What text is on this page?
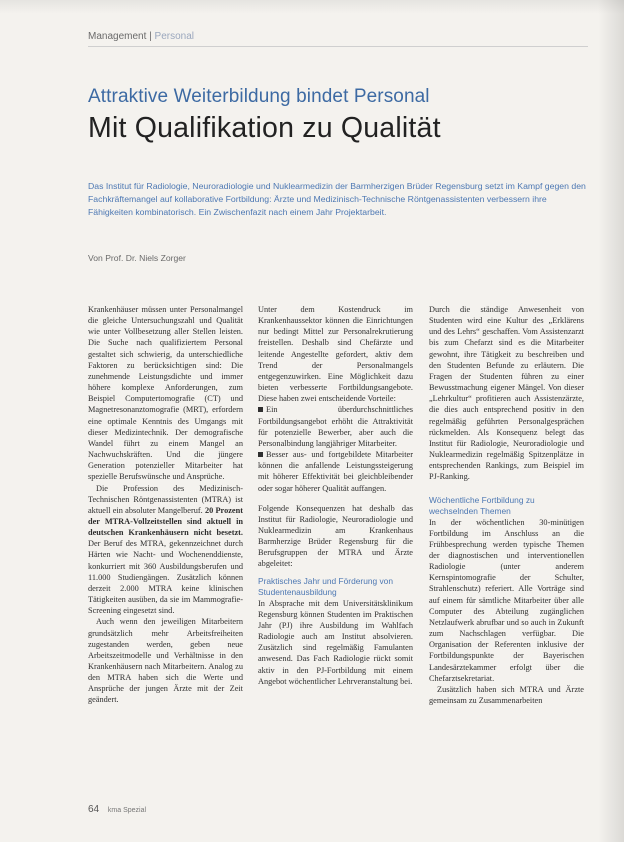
Management | Personal
Attraktive Weiterbildung bindet Personal
Mit Qualifikation zu Qualität
Das Institut für Radiologie, Neuroradiologie und Nuklearmedizin der Barmherzigen Brüder Regensburg setzt im Kampf gegen den Fachkräftemangel auf kollaborative Fortbildung: Ärzte und Medizinisch-Technische Röntgenassistenten verbessern ihre Fähigkeiten kombinatorisch. Ein Zwischenfazit nach einem Jahr Projektarbeit.
Von Prof. Dr. Niels Zorger

Krankenhäuser müssen unter Personalmangel die gleiche Untersuchungszahl und Qualität wie unter Vollbesetzung aller Stellen leisten. Die Suche nach qualifiziertem Personal gestaltet sich schwierig, da unterschiedliche Faktoren zu berücksichtigen sind: Die zunehmende Leistungsdichte und immer höhere komplexe Anforderungen, zum Beispiel Computertomografie (CT) und Magnetresonanztomografie (MRT), erfordern eine optimale Kenntnis des Umgangs mit dieser Medizintechnik. Der demografische Wandel führt zu einem Mangel an Nachwuchskräften. Und die jüngere Generation potenzieller Mitarbeiter hat spezielle Berufswünsche und Ansprüche.

Die Profession des Medizinisch-Technischen Röntgenassistenten (MTRA) ist aktuell ein absoluter Mangelberuf. 20 Prozent der MTRA-Vollzeitstellen sind aktuell in deutschen Krankenhäusern nicht besetzt. Der Beruf des MTRA, gekennzeichnet durch Härten wie Nacht- und Wochenenddienste, konkurriert mit 360 Ausbildungsberufen und 11.000 Studiengängen. Zusätzlich können derzeit 2.000 MTRA keine klinischen Tätigkeiten ausüben, da sie im Mammografie-Screening eingesetzt sind.

Auch wenn den jeweiligen Mitarbeitern grundsätzlich mehr Arbeitsfreiheiten zugestanden werden, geben neue Arbeitszeitmodelle und Verhältnisse in den Krankenhäusern nach Mitarbeitern. Analog zu den MTRA haben sich die Werte und Ansprüche der jungen Ärzte mit der Zeit geändert.

Unter dem Kostendruck im Krankenhaussektor können die Einrichtungen nur bedingt Mittel zur Personalrekrutierung freistellen. Deshalb sind Chefärzte und leitende Angestellte gefordert, aktiv dem Trend der Personalmangels entgegenzuwirken. Eine Möglichkeit dazu bieten verbesserte Fortbildungsangebote. Diese haben zwei entscheidende Vorteile:

Ein überdurchschnittliches Fortbildungsangebot erhöht die Attraktivität für potenzielle Bewerber, aber auch die Personalbindung langjähriger Mitarbeiter.

Besser aus- und fortgebildete Mitarbeiter können die anfallende Leistungssteigerung mit höherer Effektivität bei gleichbleibender oder sogar höherer Qualität auffangen.

Folgende Konsequenzen hat deshalb das Institut für Radiologie, Neuroradiologie und Nuklearmedizin am Krankenhaus Barmherzige Brüder Regensburg für die Berufsgruppen der MTRA und Ärzte abgeleitet:

Praktisches Jahr und Förderung von Studentenausbildung

In Absprache mit dem Universitätsklinikum Regensburg können Studenten im Praktischen Jahr (PJ) ihre Ausbildung im Wahlfach Radiologie auch am Institut absolvieren. Zusätzlich sind regelmäßig Famulanten anwesend. Das Fach Radiologie rückt somit aktiv in den PJ-Fortbildung mit einem Angebot wöchentlicher Lehrveranstaltung bei.

Durch die ständige Anwesenheit von Studenten wird eine Kultur des „Erklärens und des Lehrs“ geschaffen. Vom Assistenzarzt bis zum Chefarzt sind es die Mitarbeiter gewohnt, ihre Tätigkeit zu beschreiben und den Studenten Befunde zu erläutern. Die Fragen der Studenten führen zu einer Bewusstmachung eigener Mängel. Von dieser „Lehrkultur“ profitieren auch Assistenzärzte, die dies auch entsprechend positiv in den regelmäßig geführten Personalgesprächen rückmelden. Als Konsequenz belegt das Institut für Radiologie, Neuroradiologie und Nuklearmedizin regelmäßig Spitzenplätze in entsprechenden Rankings, zum Beispiel im PJ-Ranking.

Wöchentliche Fortbildung zu wechselnden Themen

In der wöchentlichen 30-minütigen Fortbildung im Anschluss an die Frühbesprechung werden typische Themen der diagnostischen und interventionellen Radiologie (unter anderem Kernspintomografie der Schulter, Strahlenschutz) referiert. Alle Vorträge sind auf einem für sämtliche Mitarbeiter über alle Computer des Abteilung zugänglichen Netzlaufwerk abrufbar und so auch in Zukunft zum Nachschlagen verfügbar. Die Organisation der Referenten inklusive der Fortbildungspunkte der Bayerischen Landesärztekammer erfolgt über die Chefarztsekretariat.

Zusätzlich haben sich MTRA und Ärzte gemeinsam zu Zusammenarbeiten

64 kma Spezial
